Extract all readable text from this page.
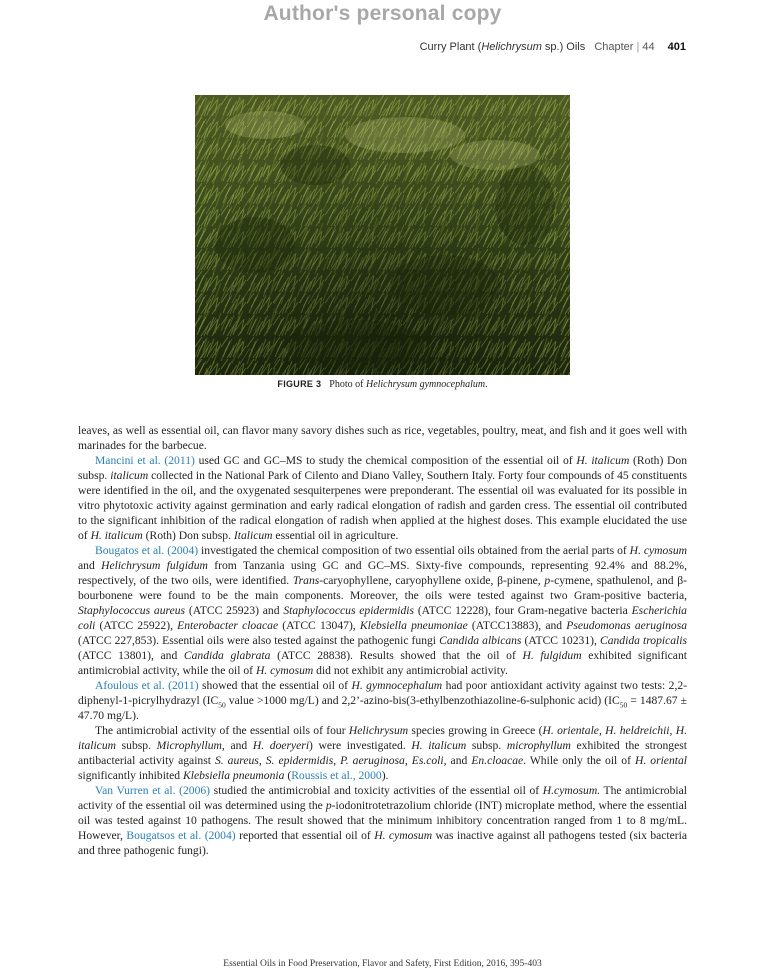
Author's personal copy
Curry Plant (Helichrysum sp.) Oils Chapter | 44 401
FIGURE 3 Photo of Helichrysum gymnocephalum.

leaves, as well as essential oil, can flavor many savory dishes such as rice, vegetables, poultry, meat, and fish and it goes well with marinades for the barbecue.

Mancini et al. (2011) used GC and GC–MS to study the chemical composition of the essential oil of H. italicum (Roth) Don subsp. italicum collected in the National Park of Cilento and Diano Valley, Southern Italy. Forty four compounds of 45 constituents were identified in the oil, and the oxygenated sesquiterpenes were preponderant. The essential oil was evaluated for its possible in vitro phytotoxic activity against germination and early radical elongation of radish and garden cress. The essential oil contributed to the significant inhibition of the radical elongation of radish when applied at the highest doses. This example elucidated the use of H. italicum (Roth) Don subsp. Italicum essential oil in agriculture.

Bougatos et al. (2004) investigated the chemical composition of two essential oils obtained from the aerial parts of H. cymosum and Helichrysum fulgidum from Tanzania using GC and GC–MS. Sixty-five compounds, representing 92.4% and 88.2%, respectively, of the two oils, were identified. Trans-caryophyllene, caryophyllene oxide, β-pinene, p-cymene, spathulenol, and β-bourbonene were found to be the main components. Moreover, the oils were tested against two Gram-positive bacteria, Staphylococcus aureus (ATCC 25923) and Staphylococcus epidermidis (ATCC 12228), four Gram-negative bacteria Escherichia coli (ATCC 25922), Enterobacter cloacae (ATCC 13047), Klebsiella pneumoniae (ATCC13883), and Pseudomonas aeruginosa (ATCC 227,853). Essential oils were also tested against the pathogenic fungi Candida albicans (ATCC 10231), Candida tropicalis (ATCC 13801), and Candida glabrata (ATCC 28838). Results showed that the oil of H. fulgidum exhibited significant antimicrobial activity, while the oil of H. cymosum did not exhibit any antimicrobial activity.

Afoulous et al. (2011) showed that the essential oil of H. gymnocephalum had poor antioxidant activity against two tests: 2,2-diphenyl-1-picrylhydrazyl ($IC_{50}$ value >1000 mg/L) and 2,2’-azino-bis(3-ethylbenzothiazoline-6-sulphonic acid) ($IC_{50} = 1487.67 \pm 47.70$ mg/L).

The antimicrobial activity of the essential oils of four Helichrysum species growing in Greece (H. orientale, H. heldreichii, H. italicum subsp. Microphyllum, and H. doeryeri) were investigated. H. italicum subsp. microphyllum exhibited the strongest antibacterial activity against S. aureus, S. epidermidis, P. aeruginosa, Es.coli, and En.cloacae. While only the oil of H. oriental significantly inhibited Klebsiella pneumonia (Roussis et al., 2000).

Van Vurren et al. (2006) studied the antimicrobial and toxicity activities of the essential oil of H.cymosum. The antimicrobial activity of the essential oil was determined using the p-iodonitrotetrazolium chloride (INT) microplate method, where the essential oil was tested against 10 pathogens. The result showed that the minimum inhibitory concentration ranged from 1 to 8 mg/mL. However, Bougatsos et al. (2004) reported that essential oil of H. cymosum was inactive against all pathogens tested (six bacteria and three pathogenic fungi).

Essential Oils in Food Preservation, Flavor and Safety, First Edition, 2016, 395-403
